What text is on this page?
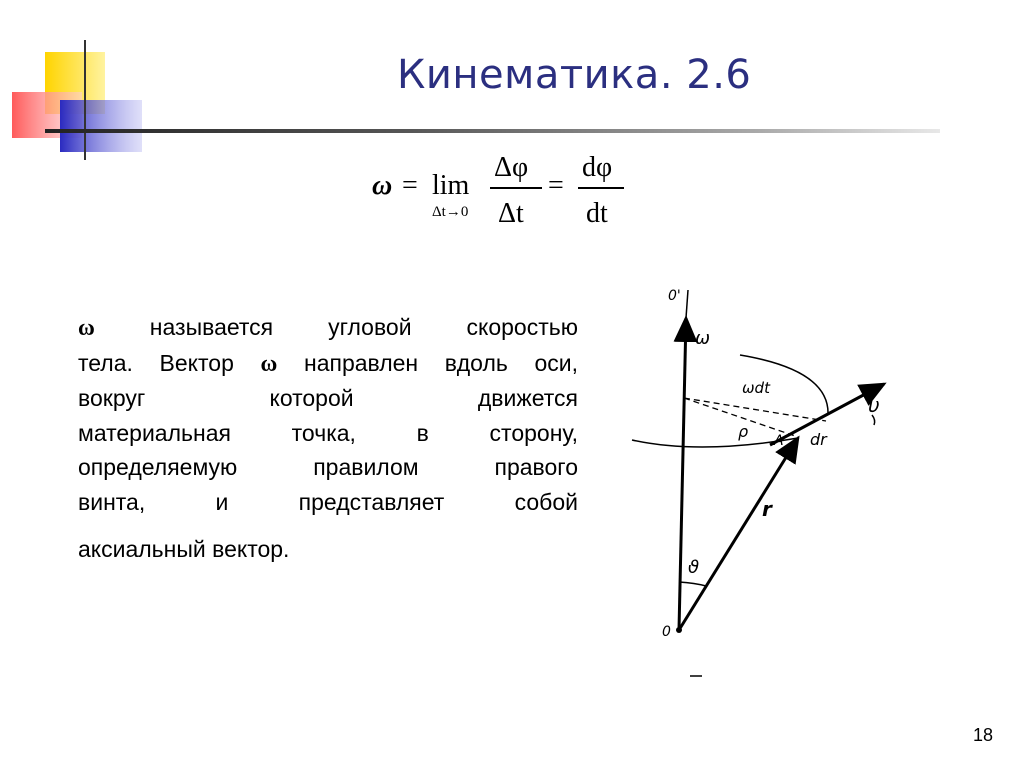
Кинематика. 2.6
ω = lim
Δt→0
Δφ
Δt
=
dφ
dt
ω называется угловой скоростью
тела. Вектор ω направлен вдоль оси,
вокруг которой движется
материальная точка, в сторону,
определяемую правилом правого
винта, и представляет собой
аксиальный вектор.
0'
ω
ωdt
υ
ρ A dr
r
ϑ
0
18
